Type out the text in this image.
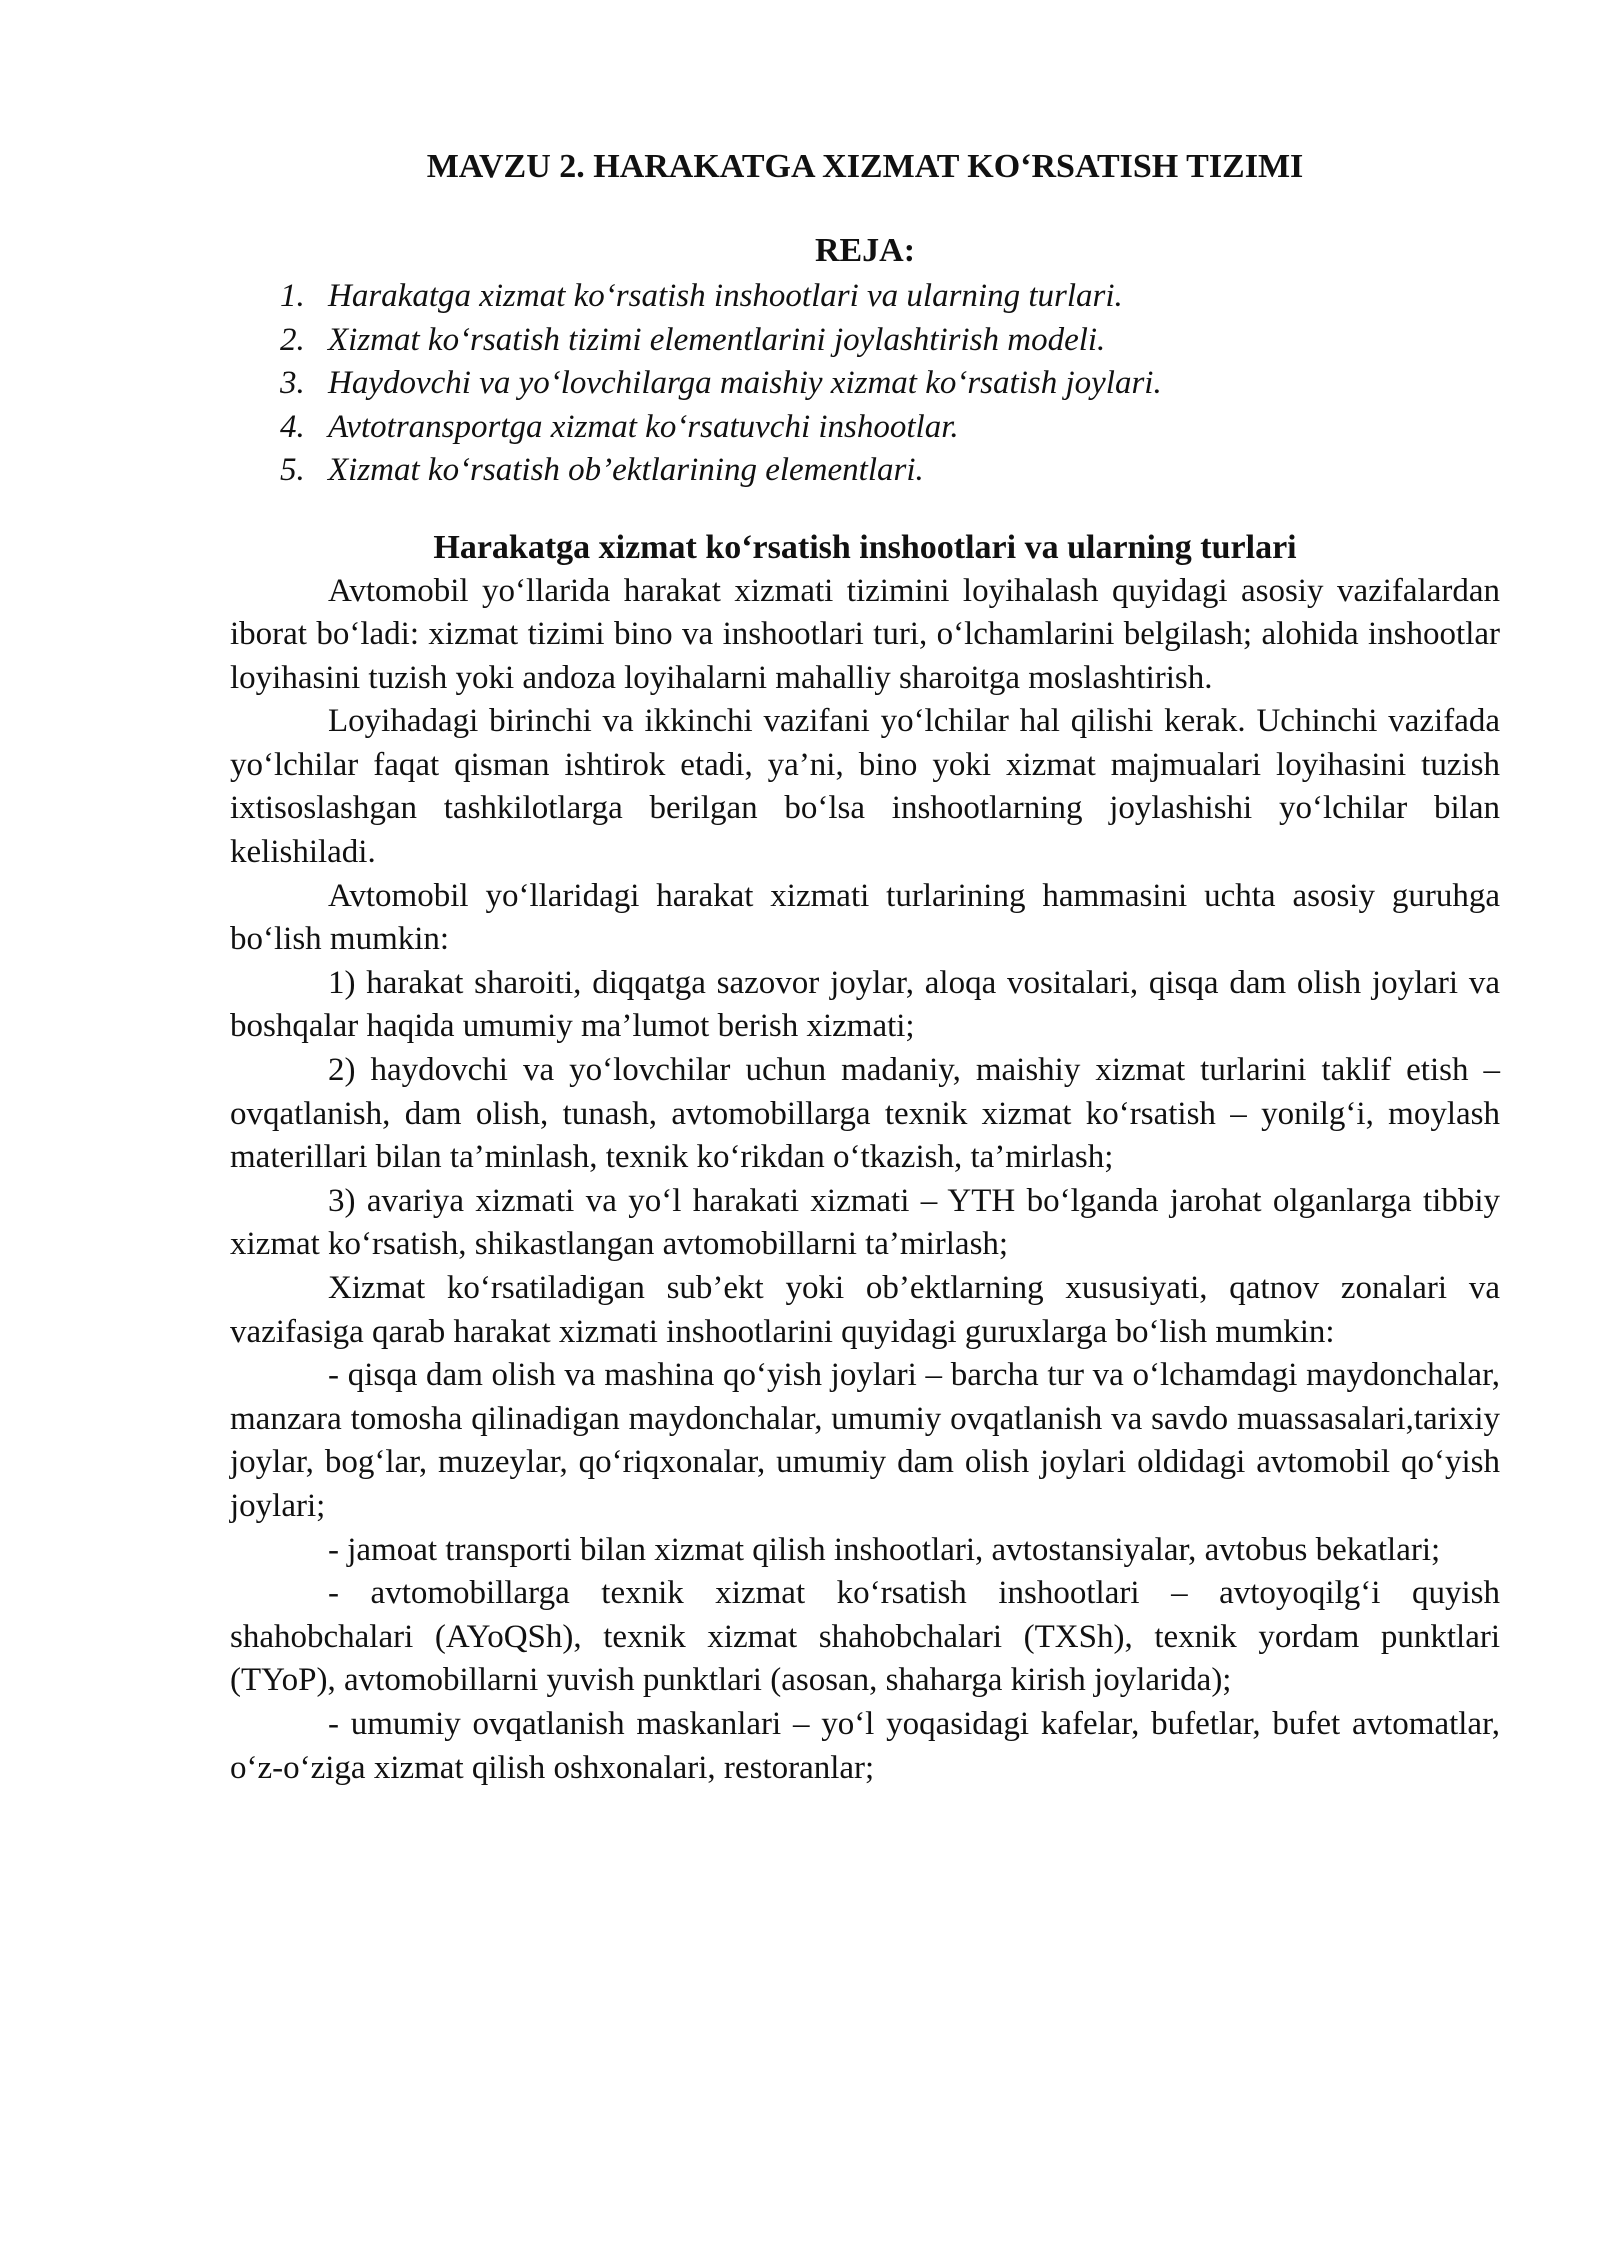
MAVZU 2. HARAKATGA XIZMAT KO‘RSATISH TIZIMI
REJA:
1. Harakatga xizmat ko‘rsatish inshootlari va ularning turlari.
2. Xizmat ko‘rsatish tizimi elementlarini joylashtirish modeli.
3. Haydovchi va yo‘lovchilarga maishiy xizmat ko‘rsatish joylari.
4. Avtotransportga xizmat ko‘rsatuvchi inshootlar.
5. Xizmat ko‘rsatish ob’ektlarining elementlari.
Harakatga xizmat ko‘rsatish inshootlari va ularning turlari

Avtomobil yo‘llarida harakat xizmati tizimini loyihalash quyidagi asosiy vazifalardan iborat bo‘ladi: xizmat tizimi bino va inshootlari turi, o‘lchamlarini belgilash; alohida inshootlar loyihasini tuzish yoki andoza loyihalarni mahalliy sharoitga moslashtirish.

Loyihadagi birinchi va ikkinchi vazifani yo‘lchilar hal qilishi kerak. Uchinchi vazifada yo‘lchilar faqat qisman ishtirok etadi, ya’ni, bino yoki xizmat majmualari loyihasini tuzish ixtisoslashgan tashkilotlarga berilgan bo‘lsa inshootlarning joylashishi yo‘lchilar bilan kelishiladi.

Avtomobil yo‘llaridagi harakat xizmati turlarining hammasini uchta asosiy guruhga bo‘lish mumkin:

1) harakat sharoiti, diqqatga sazovor joylar, aloqa vositalari, qisqa dam olish joylari va boshqalar haqida umumiy ma’lumot berish xizmati;

2) haydovchi va yo‘lovchilar uchun madaniy, maishiy xizmat turlarini taklif etish – ovqatlanish, dam olish, tunash, avtomobillarga texnik xizmat ko‘rsatish – yonilg‘i, moylash materillari bilan ta’minlash, texnik ko‘rikdan o‘tkazish, ta’mirlash;

3) avariya xizmati va yo‘l harakati xizmati – YTH bo‘lganda jarohat olganlarga tibbiy xizmat ko‘rsatish, shikastlangan avtomobillarni ta’mirlash;

Xizmat ko‘rsatiladigan sub’ekt yoki ob’ektlarning xususiyati, qatnov zonalari va vazifasiga qarab harakat xizmati inshootlarini quyidagi guruxlarga bo‘lish mumkin:

- qisqa dam olish va mashina qo‘yish joylari – barcha tur va o‘lchamdagi maydonchalar, manzara tomosha qilinadigan maydonchalar, umumiy ovqatlanish va savdo muassasalari,tarixiy joylar, bog‘lar, muzeylar, qo‘riqxonalar, umumiy dam olish joylari oldidagi avtomobil qo‘yish joylari;

- jamoat transporti bilan xizmat qilish inshootlari, avtostansiyalar, avtobus bekatlari;

- avtomobillarga texnik xizmat ko‘rsatish inshootlari – avtoyoqilg‘i quyish shahobchalari (AYoQSh), texnik xizmat shahobchalari (TXSh), texnik yordam punktlari (TYoP), avtomobillarni yuvish punktlari (asosan, shaharga kirish joylarida);

- umumiy ovqatlanish maskanlari – yo‘l yoqasidagi kafelar, bufetlar, bufet avtomatlar, o‘z-o‘ziga xizmat qilish oshxonalari, restoranlar;
